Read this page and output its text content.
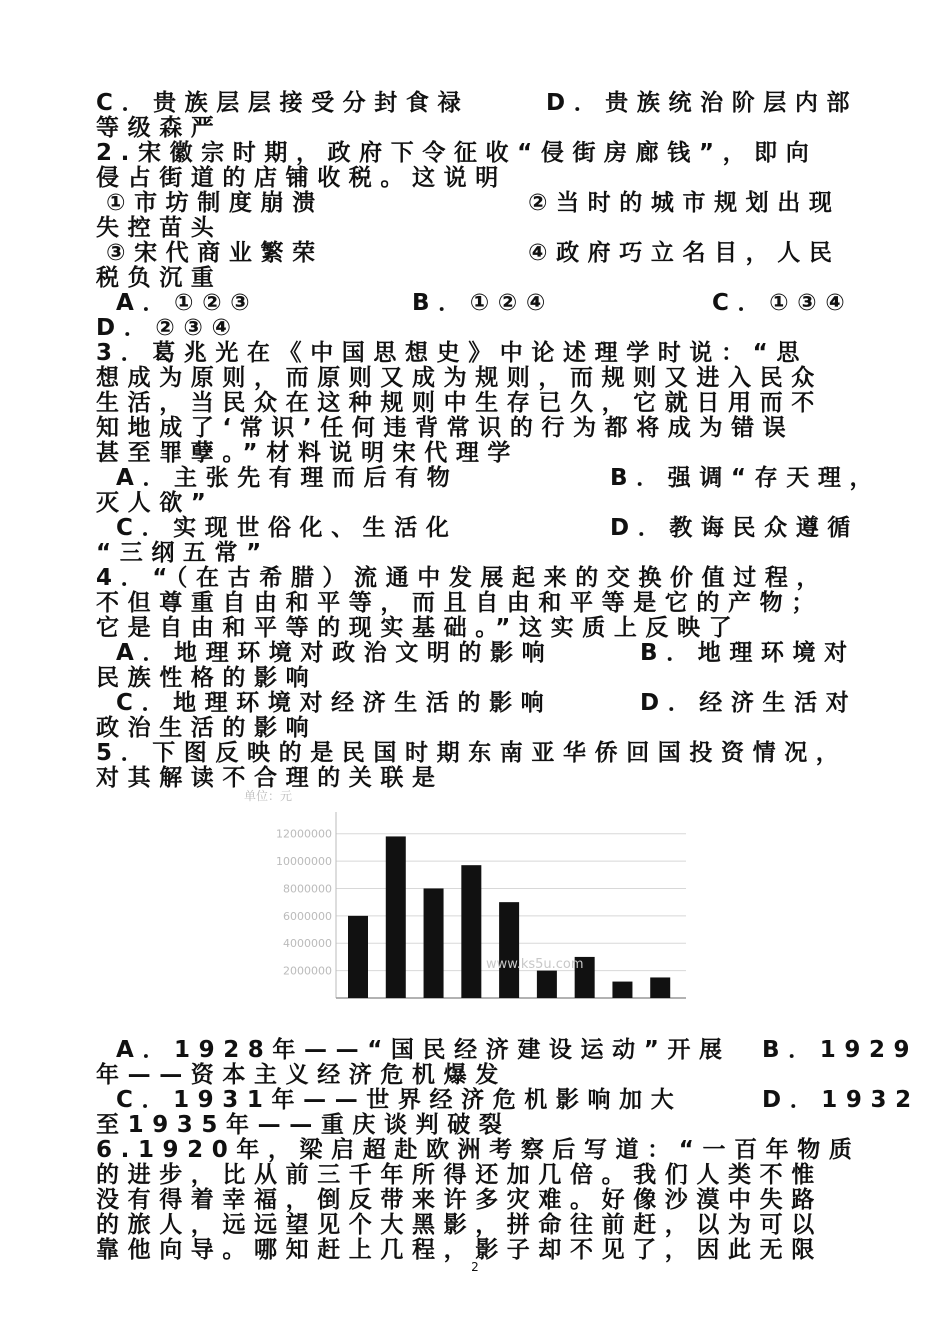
C．贵族层层接受分封食禄	D．贵族统治阶层内部
等级森严
2.宋徽宗时期，政府下令征收“侵街房廊钱”，即向
侵占街道的店铺收税。这说明
①市坊制度崩溃	②当时的城市规划出现
失控苗头
③宋代商业繁荣	④政府巧立名目，人民
税负沉重
A．①②③	B．①②④	C．①③④
D．②③④
3．葛兆光在《中国思想史》中论述理学时说：“思
想成为原则，而原则又成为规则，而规则又进入民众
生活，当民众在这种规则中生存已久，它就日用而不
知地成了‘常识’任何违背常识的行为都将成为错误
甚至罪孽。”材料说明宋代理学
A．主张先有理而后有物	B．强调“存天理，
灭人欲”
C．实现世俗化、生活化	D．教诲民众遵循
“三纲五常”
4．“（在古希腊）流通中发展起来的交换价值过程，
不但尊重自由和平等，而且自由和平等是它的产物；
它是自由和平等的现实基础。”这实质上反映了
A．地理环境对政治文明的影响	B．地理环境对
民族性格的影响
C．地理环境对经济生活的影响	D．经济生活对
政治生活的影响
5．下图反映的是民国时期东南亚华侨回国投资情况，
对其解读不合理的关联是
单位：元
12000000
10000000
8000000
6000000
4000000
2000000	www.ks5u.com
A．1928年——“国民经济建设运动”开展 B．1929
年——资本主义经济危机爆发
C．1931年——世界经济危机影响加大	D．1932
至1935年——重庆谈判破裂
6.1920年，梁启超赴欧洲考察后写道：“一百年物质
的进步，比从前三千年所得还加几倍。我们人类不惟
没有得着幸福，倒反带来许多灾难。好像沙漠中失路
的旅人，远远望见个大黑影，拼命往前赶，以为可以
靠他向导。哪知赶上几程，影子却不见了，因此无限
2
